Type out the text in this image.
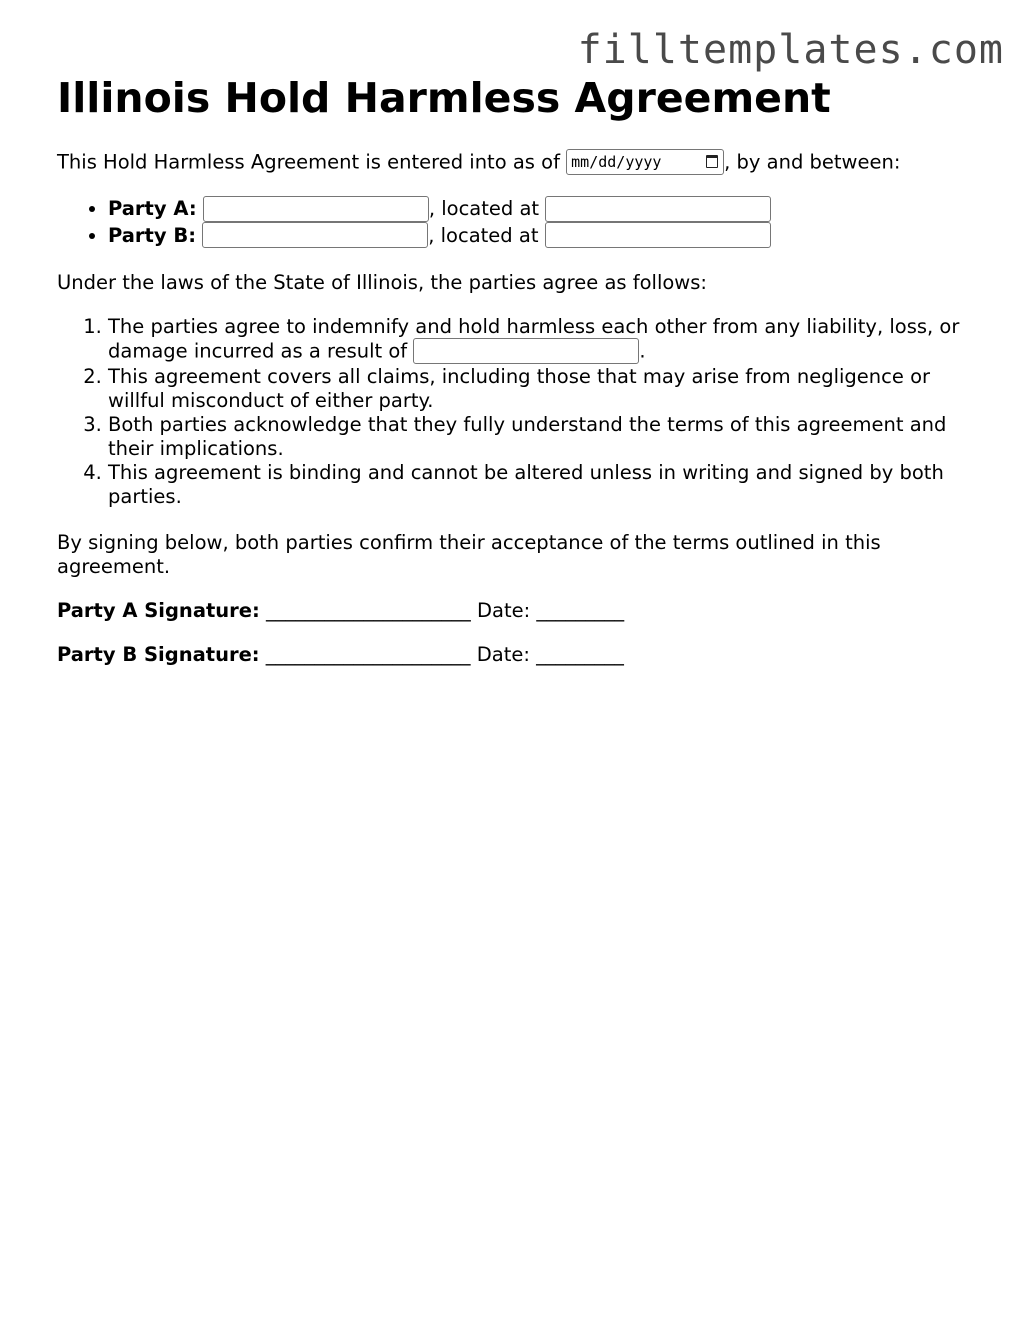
filltemplates.com
Illinois Hold Harmless Agreement

This Hold Harmless Agreement is entered into as of mm/dd/yyyy	, by and between:

• Party A:	, located at
• Party B:	, located at

Under the laws of the State of Illinois, the parties agree as follows:

1. The parties agree to indemnify and hold harmless each other from any liability, loss, or damage incurred as a result of	.
2. This agreement covers all claims, including those that may arise from negligence or willful misconduct of either party.
3. Both parties acknowledge that they fully understand the terms of this agreement and their implications.
4. This agreement is binding and cannot be altered unless in writing and signed by both parties.

By signing below, both parties confirm their acceptance of the terms outlined in this agreement.

Party A Signature: _____________________ Date: _________

Party B Signature: _____________________ Date: _________
